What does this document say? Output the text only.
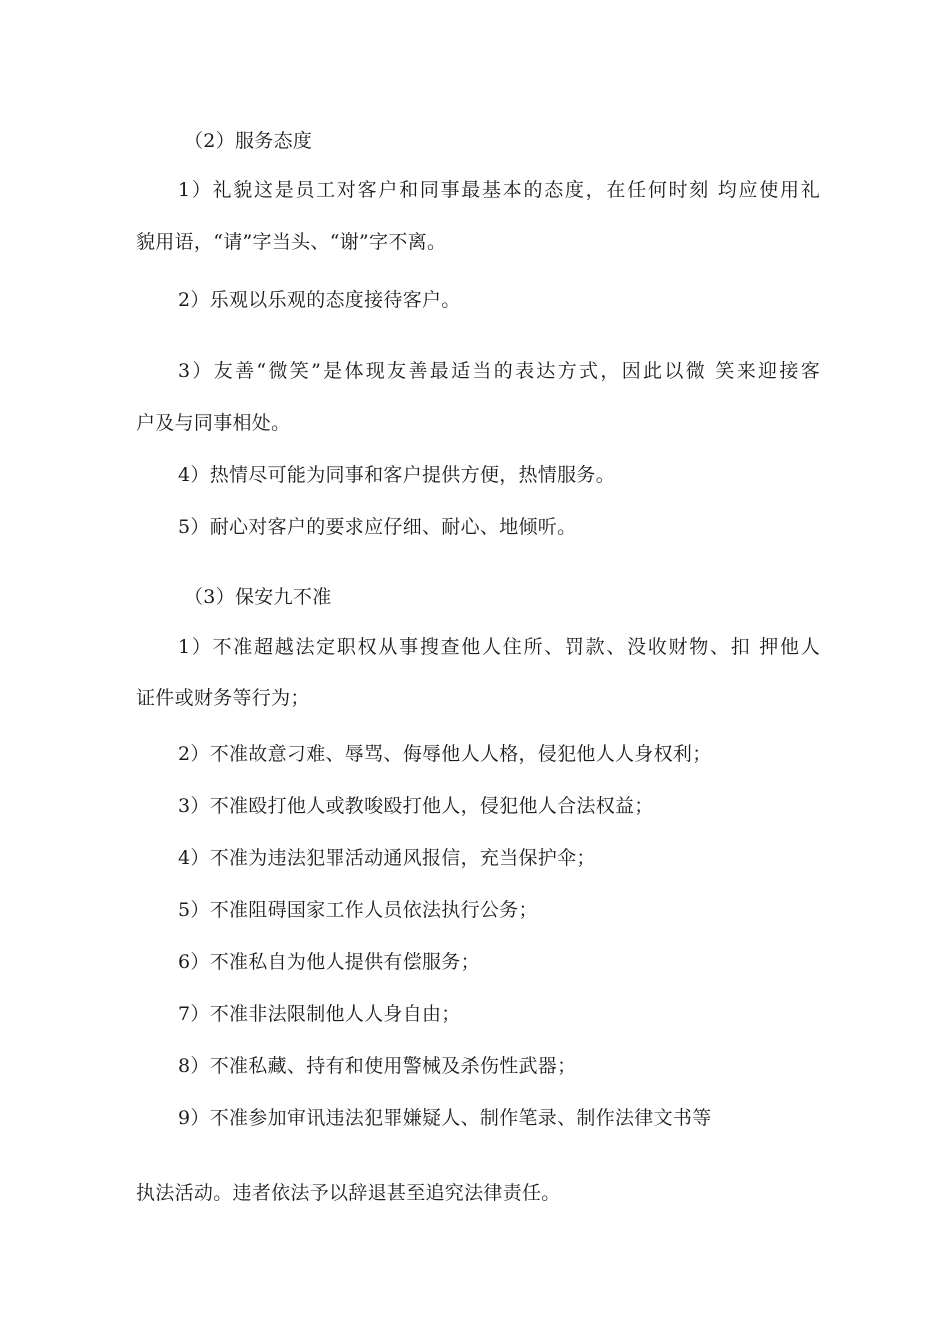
（2）服务态度
1）礼貌这是员工对客户和同事最基本的态度，在任何时刻 均应使用礼
貌用语，“请”字当头、“谢”字不离。
2）乐观以乐观的态度接待客户。
3）友善“微笑”是体现友善最适当的表达方式，因此以微 笑来迎接客
户及与同事相处。
4）热情尽可能为同事和客户提供方便，热情服务。
5）耐心对客户的要求应仔细、耐心、地倾听。
（3）保安九不准
1）不准超越法定职权从事搜查他人住所、罚款、没收财物、扣 押他人
证件或财务等行为；
2）不准故意刁难、辱骂、侮辱他人人格，侵犯他人人身权利；
3）不准殴打他人或教唆殴打他人，侵犯他人合法权益；
4）不准为违法犯罪活动通风报信，充当保护伞；
5）不准阻碍国家工作人员依法执行公务；
6）不准私自为他人提供有偿服务；
7）不准非法限制他人人身自由；
8）不准私藏、持有和使用警械及杀伤性武器；
9）不准参加审讯违法犯罪嫌疑人、制作笔录、制作法律文书等
执法活动。违者依法予以辞退甚至追究法律责任。
